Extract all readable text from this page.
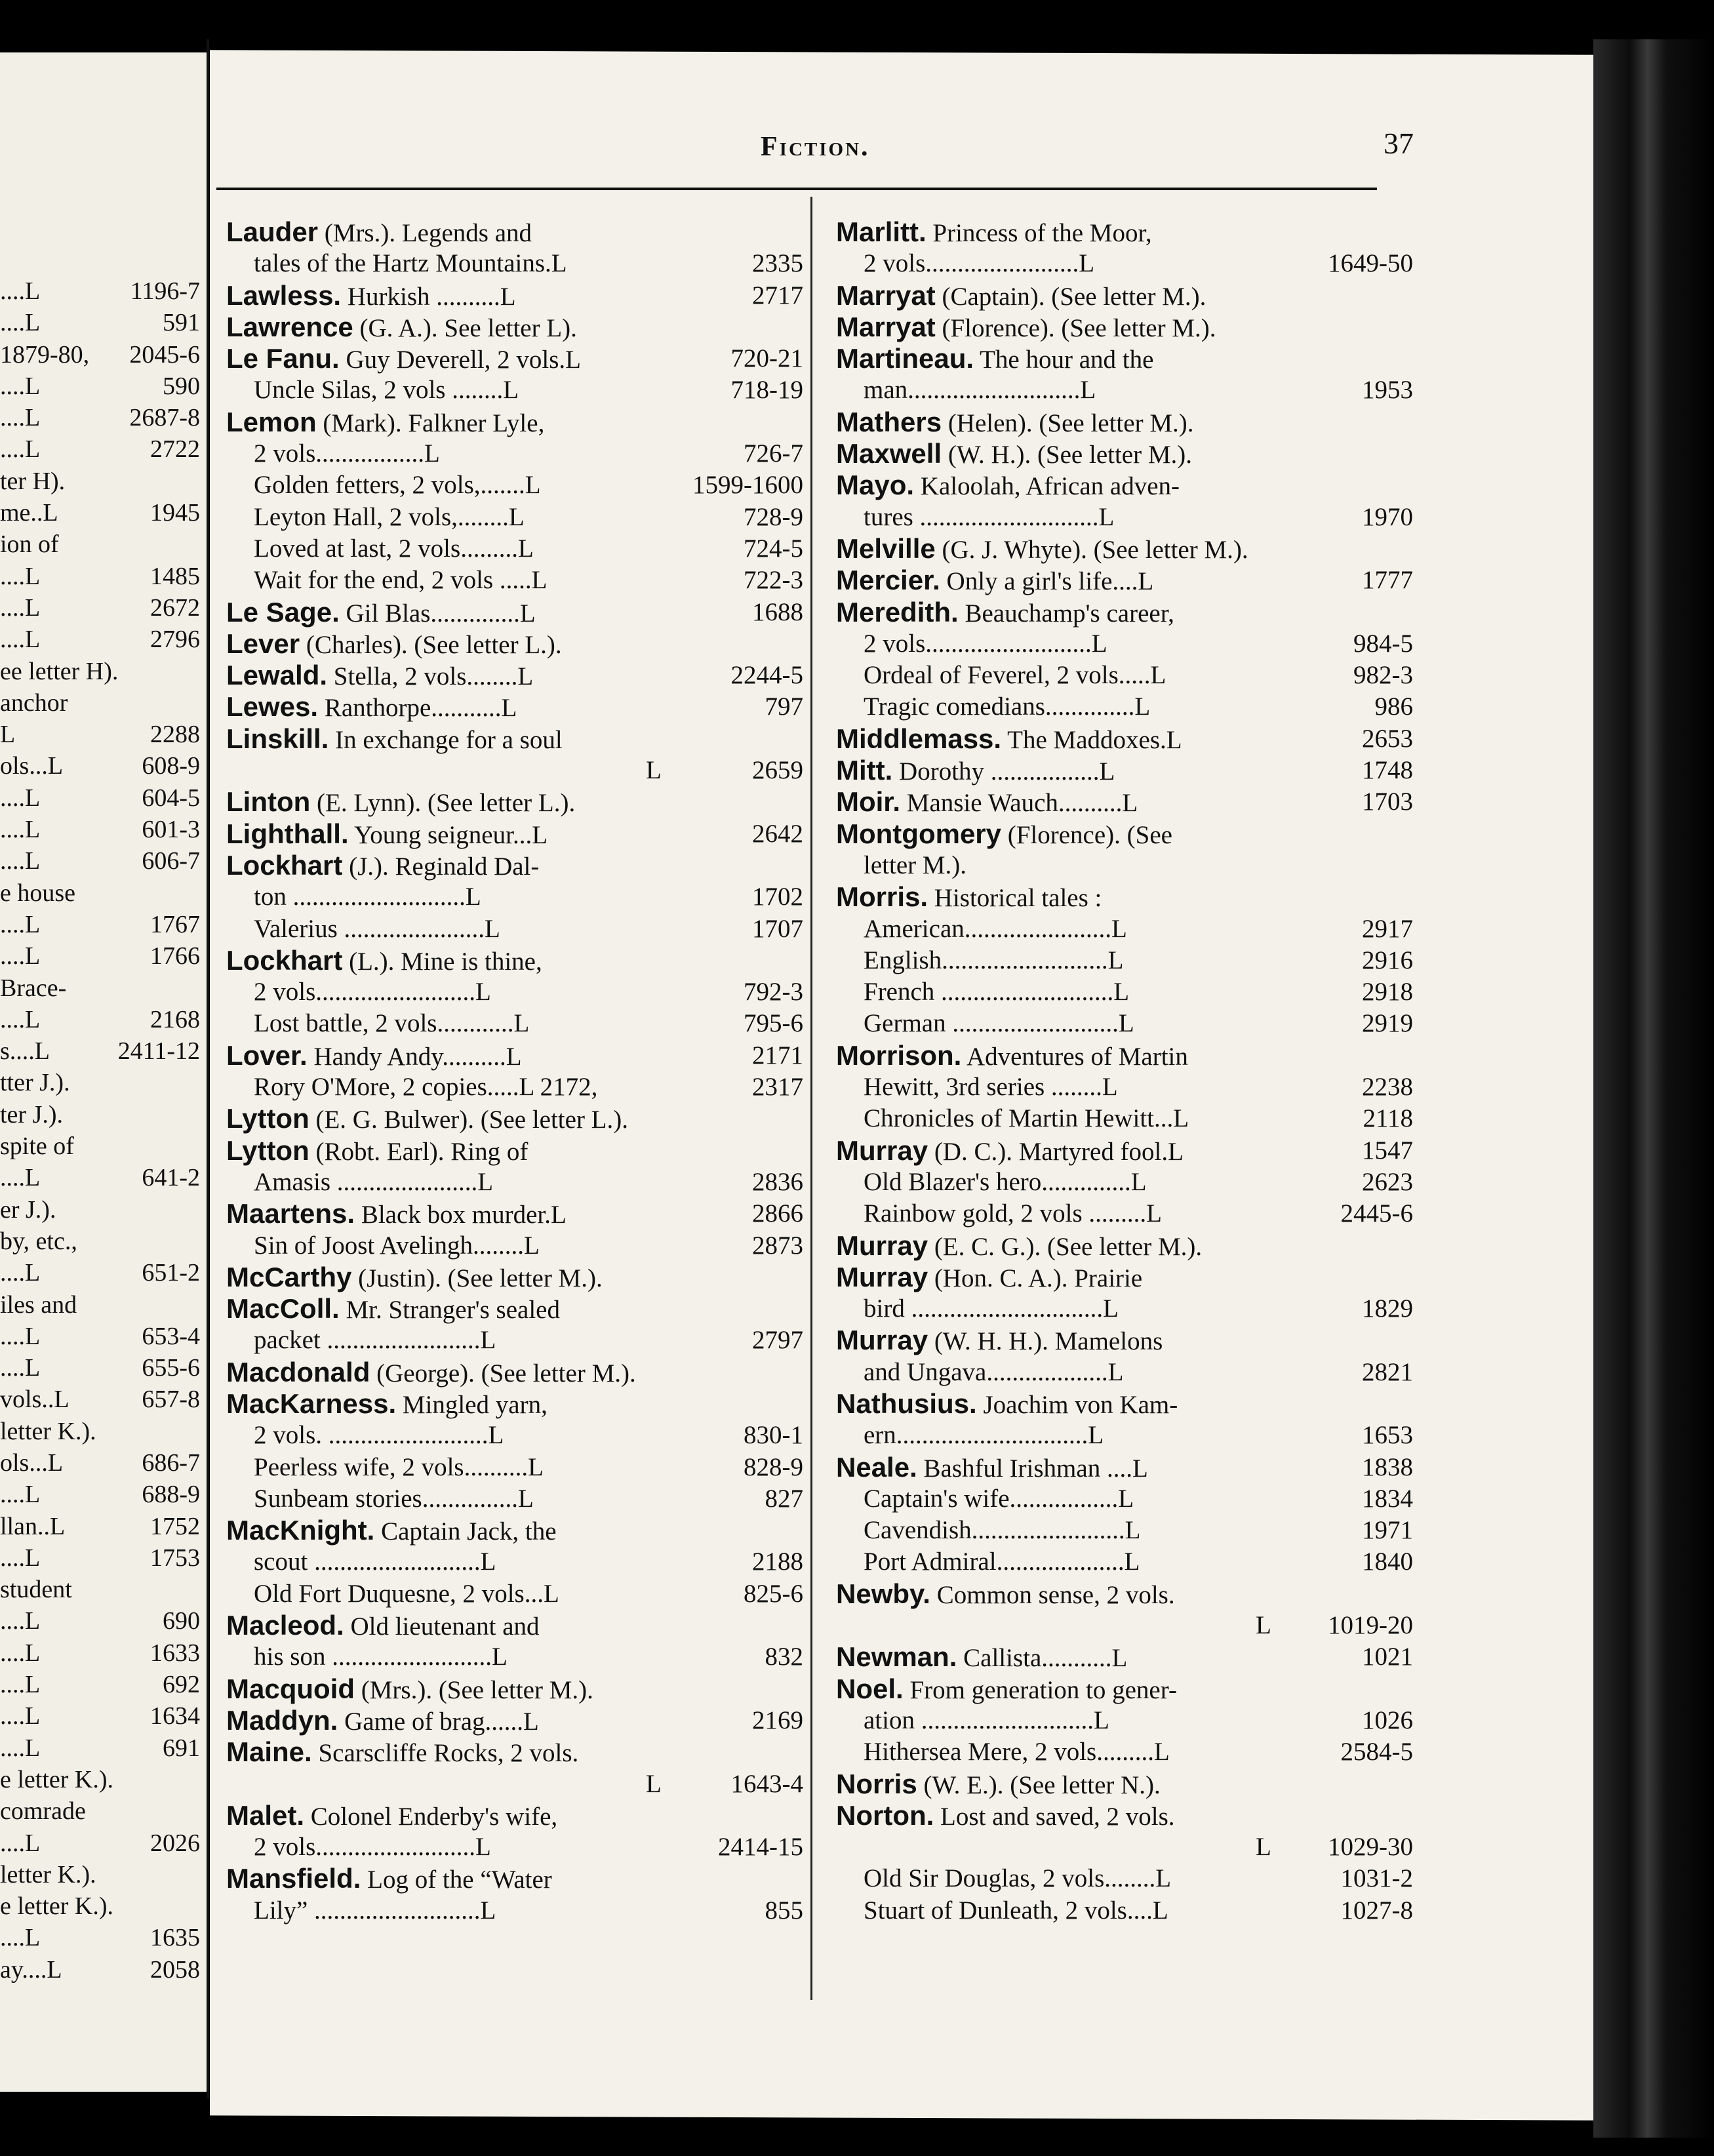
....L	1196-7
....L	591
1879-80, 2045-6
....L	590
....L	2687-8
....L	2722
ter H).
me..L	1945
ion of
....L	1485
....L	2672
....L	2796
ee letter H).
anchor
L	2288
ols...L	608-9
....L	604-5
....L	601-3
....L	606-7
e house
....L	1767
....L	1766
Brace-
....L	2168
s....L	2411-12
tter J.).
ter J.).
spite of
....L	641-2
er J.).
by, etc.,
....L	651-2
iles and
....L	653-4
....L	655-6
vols..L	657-8
letter K.).
ols...L	686-7
....L	688-9
llan..L	1752
....L	1753
student
....L	690
....L	1633
....L	692
....L	1634
....L	691
e letter K.).
comrade
....L	2026
letter K.).
e letter K.).
....L	1635
ay....L	2058
Fiction.	37
Lauder (Mrs.). Legends and
tales of the Hartz Mountains.L	2335
Lawless. Hurkish ..........L	2717
Lawrence (G. A.). See letter L).
Le Fanu. Guy Deverell, 2 vols.L	720-21
Uncle Silas, 2 vols ........L	718-19
Lemon (Mark). Falkner Lyle,
2 vols.................L	726-7
Golden fetters, 2 vols,.......L	1599-1600
Leyton Hall, 2 vols,........L	728-9
Loved at last, 2 vols.........L	724-5
Wait for the end, 2 vols .....L	722-3
Le Sage. Gil Blas..............L	1688
Lever (Charles). (See letter L.).
Lewald. Stella, 2 vols........L	2244-5
Lewes. Ranthorpe...........L	797
Linskill. In exchange for a soul
L	2659
Linton (E. Lynn). (See letter L.).
Lighthall. Young seigneur...L	2642
Lockhart (J.). Reginald Dal-
ton ...........................L	1702
Valerius ......................L	1707
Lockhart (L.). Mine is thine,
2 vols.........................L	792-3
Lost battle, 2 vols............L	795-6
Lover. Handy Andy..........L	2171
Rory O'More, 2 copies.....L 2172,	2317
Lytton (E. G. Bulwer). (See letter L.).
Lytton (Robt. Earl). Ring of
Amasis ......................L	2836
Maartens. Black box murder.L	2866
Sin of Joost Avelingh........L	2873
McCarthy (Justin). (See letter M.).
MacColl. Mr. Stranger's sealed
packet ........................L	2797
Macdonald (George). (See letter M.).
MacKarness. Mingled yarn,
2 vols. .........................L	830-1
Peerless wife, 2 vols..........L	828-9
Sunbeam stories...............L	827
MacKnight. Captain Jack, the
scout ..........................L	2188
Old Fort Duquesne, 2 vols...L	825-6
Macleod. Old lieutenant and
his son .........................L	832
Macquoid (Mrs.). (See letter M.).
Maddyn. Game of brag......L	2169
Maine. Scarscliffe Rocks, 2 vols.
L	1643-4
Malet. Colonel Enderby's wife,
2 vols.........................L	2414-15
Mansfield. Log of the “Water
Lily” ..........................L	855
Marlitt. Princess of the Moor,
2 vols........................L	1649-50
Marryat (Captain). (See letter M.).
Marryat (Florence). (See letter M.).
Martineau. The hour and the
man...........................L	1953
Mathers (Helen). (See letter M.).
Maxwell (W. H.). (See letter M.).
Mayo. Kaloolah, African adven-
tures ............................L	1970
Melville (G. J. Whyte). (See letter M.).
Mercier. Only a girl's life....L	1777
Meredith. Beauchamp's career,
2 vols..........................L	984-5
Ordeal of Feverel, 2 vols.....L	982-3
Tragic comedians..............L	986
Middlemass. The Maddoxes.L	2653
Mitt. Dorothy .................L	1748
Moir. Mansie Wauch..........L	1703
Montgomery (Florence). (See
letter M.).
Morris. Historical tales :
American.......................L	2917
English..........................L	2916
French ...........................L	2918
German ..........................L	2919
Morrison. Adventures of Martin
Hewitt, 3rd series ........L	2238
Chronicles of Martin Hewitt...L	2118
Murray (D. C.). Martyred fool.L	1547
Old Blazer's hero..............L	2623
Rainbow gold, 2 vols .........L	2445-6
Murray (E. C. G.). (See letter M.).
Murray (Hon. C. A.). Prairie
bird ..............................L	1829
Murray (W. H. H.). Mamelons
and Ungava...................L	2821
Nathusius. Joachim von Kam-
ern..............................L	1653
Neale. Bashful Irishman ....L	1838
Captain's wife.................L	1834
Cavendish........................L	1971
Port Admiral....................L	1840
Newby. Common sense, 2 vols.
L 1019-20
Newman. Callista...........L	1021
Noel. From generation to gener-
ation ...........................L	1026
Hithersea Mere, 2 vols.........L	2584-5
Norris (W. E.). (See letter N.).
Norton. Lost and saved, 2 vols.
L 1029-30
Old Sir Douglas, 2 vols........L	1031-2
Stuart of Dunleath, 2 vols....L	1027-8
